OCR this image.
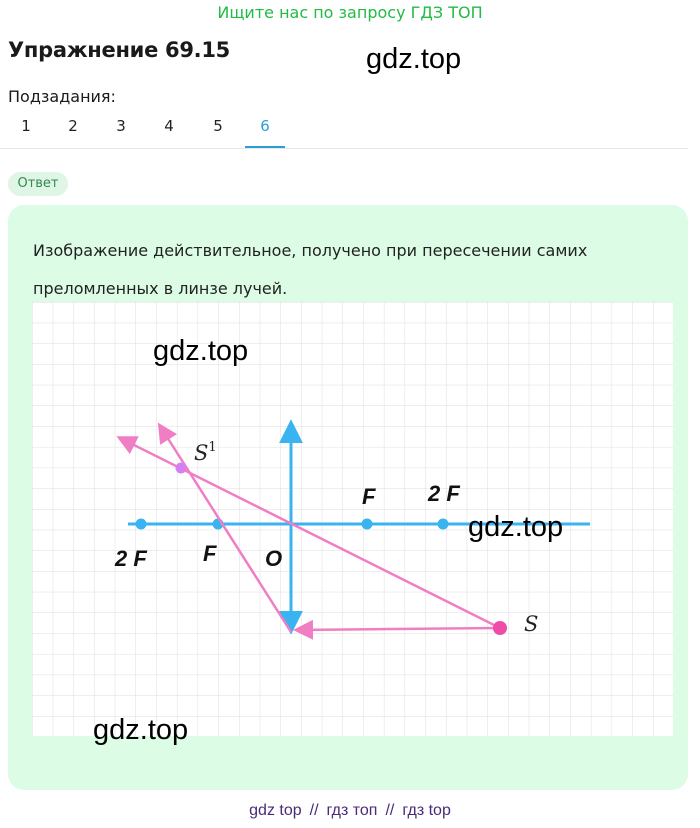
Ищите нас по запросу ГДЗ ТОП
Упражнение 69.15	gdz.top
Подзадания:
1	2	3	4	5	6
Ответ
Изображение действительное, получено при пересечении самих преломленных в линзе лучей.
$S^1$
S
F 2 F
2 F	F O
gdz.top
gdz.top
gdz.top
gdz top // гдз топ // гдз top
